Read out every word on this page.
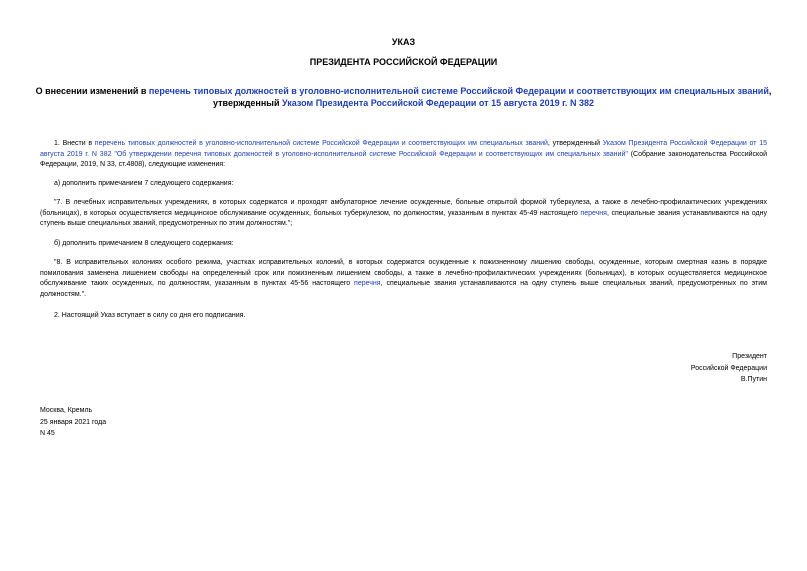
УКАЗ
ПРЕЗИДЕНТА РОССИЙСКОЙ ФЕДЕРАЦИИ
О внесении изменений в перечень типовых должностей в уголовно-исполнительной системе Российской Федерации и соответствующих им специальных званий, утвержденный Указом Президента Российской Федерации от 15 августа 2019 г. N 382
1. Внести в перечень типовых должностей в уголовно-исполнительной системе Российской Федерации и соответствующих им специальных званий, утвержденный Указом Президента Российской Федерации от 15 августа 2019 г. N 382 "Об утверждении перечня типовых должностей в уголовно-исполнительной системе Российской Федерации и соответствующих им специальных званий" (Собрание законодательства Российской Федерации, 2019, N 33, ст.4808), следующие изменения:
а) дополнить примечанием 7 следующего содержания:
"7. В лечебных исправительных учреждениях, в которых содержатся и проходят амбулаторное лечение осужденные, больные открытой формой туберкулеза, а также в лечебно-профилактических учреждениях (больницах), в которых осуществляется медицинское обслуживание осужденных, больных туберкулезом, по должностям, указанным в пунктах 45-49 настоящего перечня, специальные звания устанавливаются на одну ступень выше специальных званий, предусмотренных по этим должностям.";
б) дополнить примечанием 8 следующего содержания:
"8. В исправительных колониях особого режима, участках исправительных колоний, в которых содержатся осужденные к пожизненному лишению свободы, осужденные, которым смертная казнь в порядке помилования заменена лишением свободы на определенный срок или пожизненным лишением свободы, а также в лечебно-профилактических учреждениях (больницах), в которых осуществляется медицинское обслуживание таких осужденных, по должностям, указанным в пунктах 45-56 настоящего перечня, специальные звания устанавливаются на одну ступень выше специальных званий, предусмотренных по этим должностям.".
2. Настоящий Указ вступает в силу со дня его подписания.
Президент
Российской Федерации
В.Путин
Москва, Кремль
25 января 2021 года
N 45
